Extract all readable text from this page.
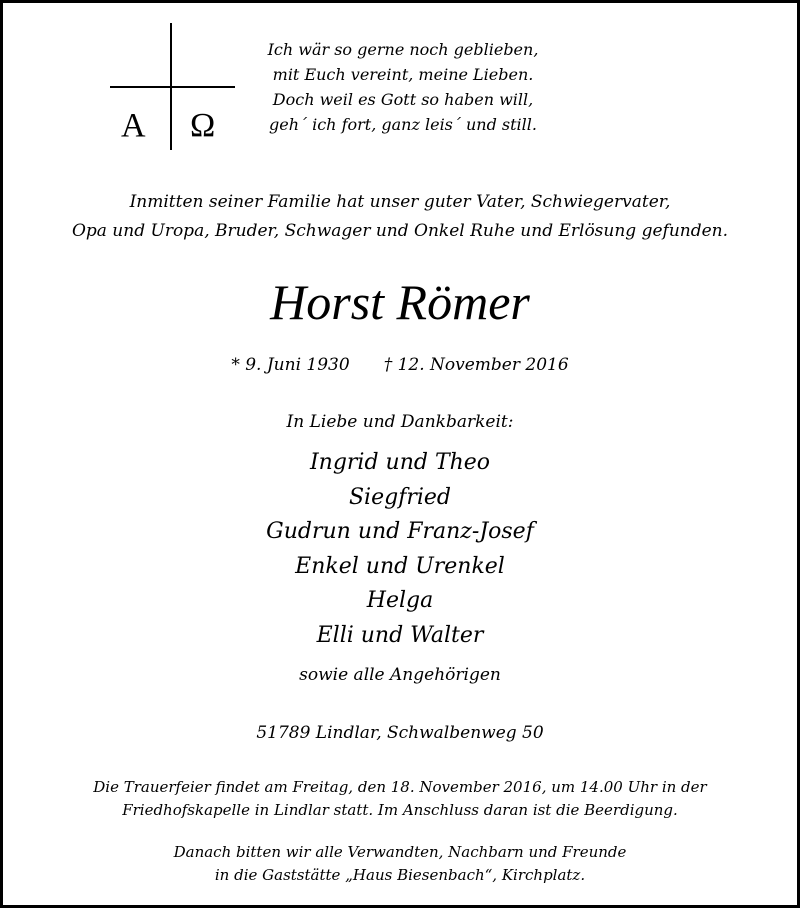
Α Ω
Ich wär so gerne noch geblieben,
mit Euch vereint, meine Lieben.
Doch weil es Gott so haben will,
geh´ ich fort, ganz leis´ und still.
Inmitten seiner Familie hat unser guter Vater, Schwiegervater,
Opa und Uropa, Bruder, Schwager und Onkel Ruhe und Erlösung gefunden.
Horst Römer
* 9. Juni 1930 † 12. November 2016
In Liebe und Dankbarkeit:
Ingrid und Theo
Siegfried
Gudrun und Franz-Josef
Enkel und Urenkel
Helga
Elli und Walter
sowie alle Angehörigen
51789 Lindlar, Schwalbenweg 50
Die Trauerfeier findet am Freitag, den 18. November 2016, um 14.00 Uhr in der
Friedhofskapelle in Lindlar statt. Im Anschluss daran ist die Beerdigung.
Danach bitten wir alle Verwandten, Nachbarn und Freunde
in die Gaststätte „Haus Biesenbach“, Kirchplatz.
